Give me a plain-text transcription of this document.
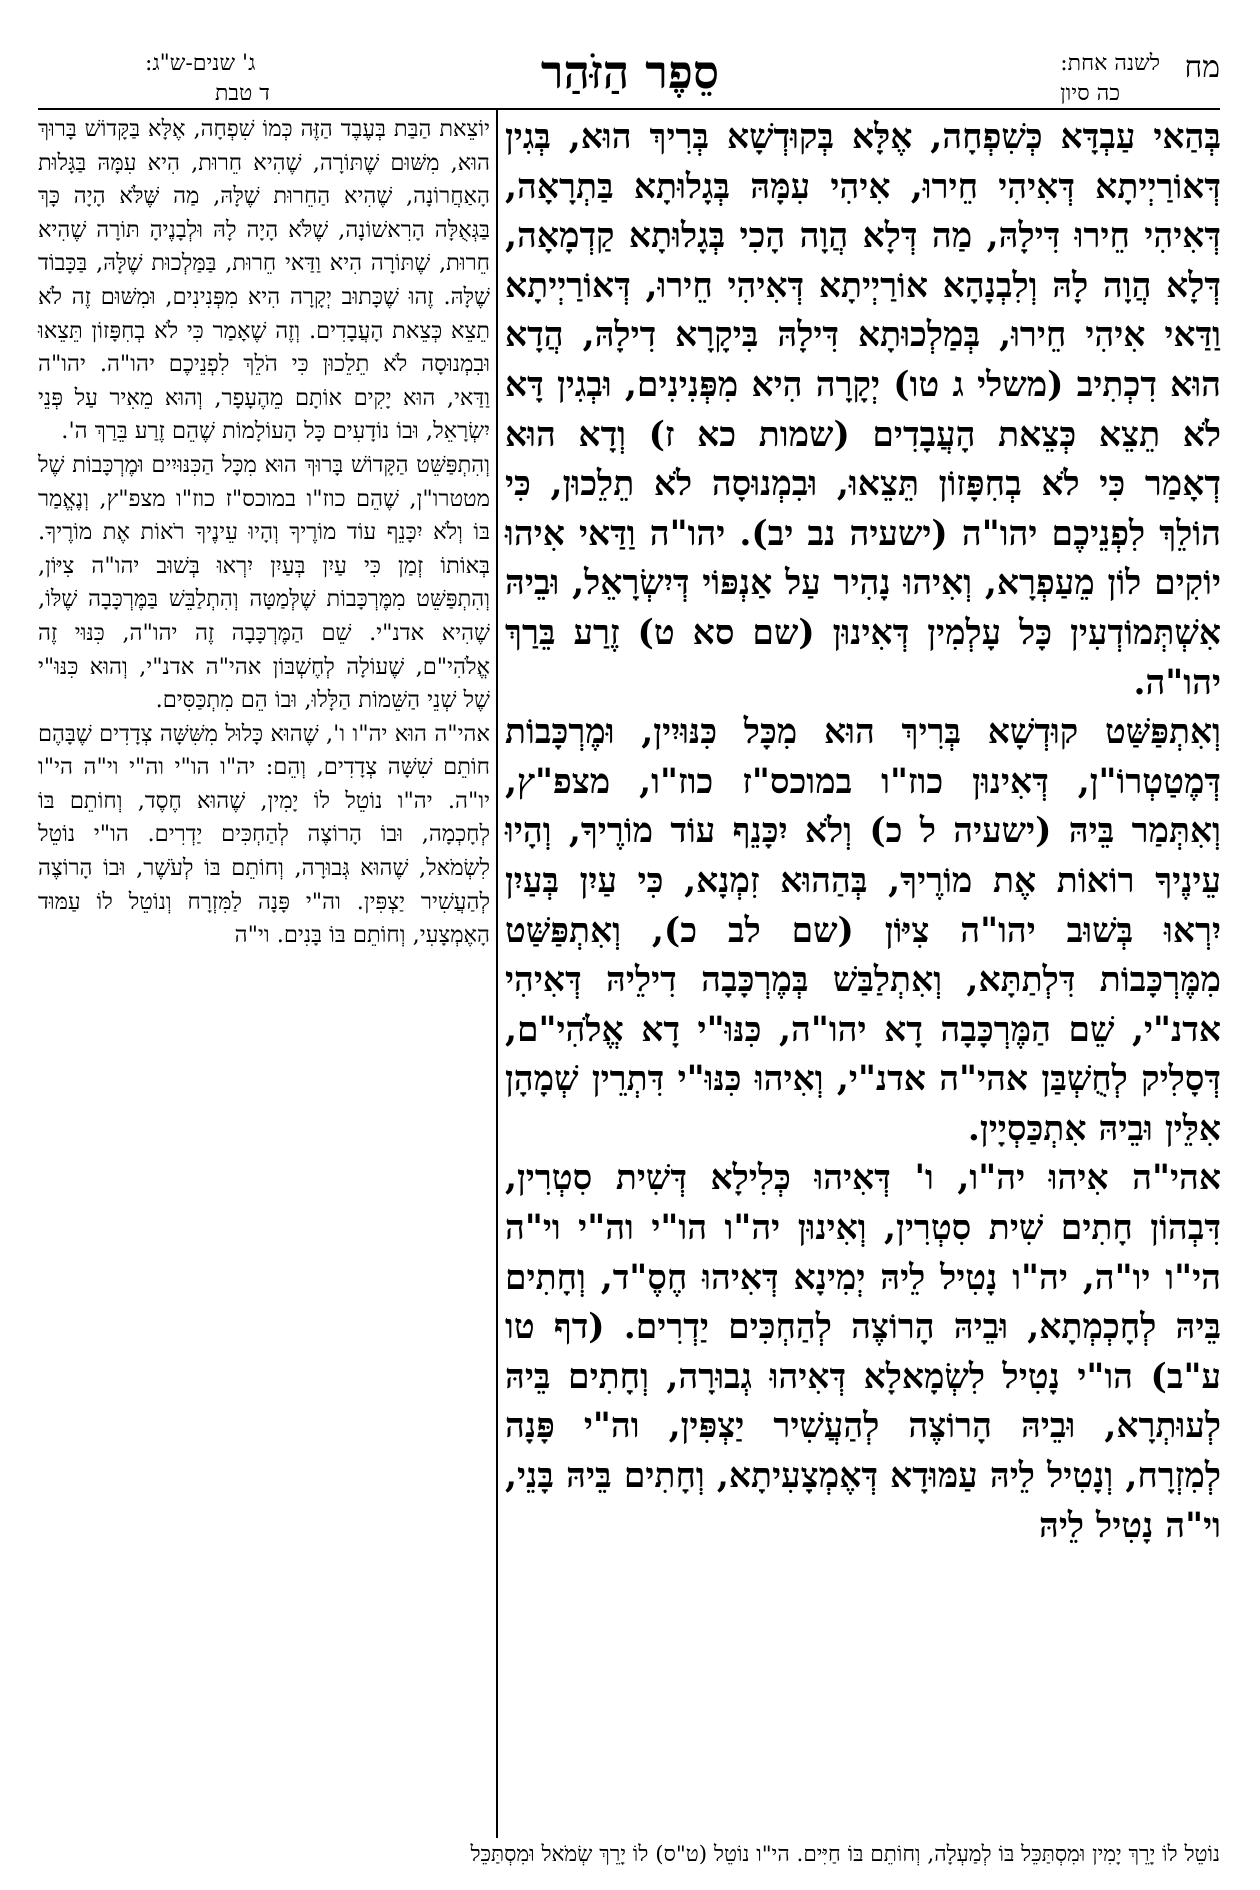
מח
לשנה אחת:
כה סיון
סֵפֶר הַזֹּהַר
ג' שנים-ש"ג:
ד טבת

בְּהַאי עַבְדָּא כְּשִׁפְחָה, אֶלָּא בְּקוּדְשָׁא בְּרִיךְ הוּא, בְּגִין דְּאוֹרַיְיתָא דְּאִיהִי חֵירוּ, אִיהִי עִמָּהּ בְּגָלוּתָא בַּתְרָאָה, דְּאִיהִי חֵירוּ דִּילָהּ, מַה דְּלָא הֲוָה הָכִי בְּגָלוּתָא קַדְמָאָה, דְּלָא הֲוָה לָהּ וְלִבְנָהָא אוֹרַיְיתָא דְּאִיהִי חֵירוּ, דְּאוֹרַיְיתָא וַדַּאי אִיהִי חֵירוּ, בְּמַלְכוּתָא דִּילָהּ בִּיקָרָא דִילָהּ, הֲדָא הוּא דִכְתִיב (משלי ג טו) יְקָרָה הִיא מִפְּנִינִים, וּבְגִין דָּא לֹא תֵצֵא כְּצֵאת הָעֲבָדִים (שמות כא ז) וְדָא הוּא דְאָמַר כִּי לֹא בְחִפָּזוֹן תֵּצֵאוּ, וּבִמְנוּסָה לֹא תֵלֵכוּן, כִּי הוֹלֵךְ לִפְנֵיכֶם יהו"ה (ישעיה נב יב). יהו"ה וַדַּאי אִיהוּ יוֹקִים לוֹן מֵעַפְרָא, וְאִיהוּ נָהִיר עַל אַנְפּוֹי דְּיִשְׂרָאֵל, וּבֵיהּ אִשְׁתְּמוֹדְעִין כָּל עָלְמִין דְּאִינוּן (שם סא ט) זֶרַע בֵּרַךְ יהו"ה.

וְאִתְפַּשַּׁט קוּדְשָׁא בְּרִיךְ הוּא מִכָּל כִּנּוּיִין, וּמֶרְכָּבוֹת דְּמֶטַטְרוֹ"ן, דְּאִינוּן כוז"ו במוכס"ז כוז"ו, מצפ"ץ, וְאִתְּמַר בֵּיהּ (ישעיה ל כ) וְלֹא יִכָּנֵף עוֹד מוֹרֶיךָ, וְהָיוּ עֵינֶיךָ רוֹאוֹת אֶת מוֹרֶיךָ, בְּהַהוּא זִמְנָא, כִּי עַיִן בְּעַיִן יִרְאוּ בְּשׁוּב יהו"ה צִיּוֹן (שם לב כ), וְאִתְפַּשַּׁט מִמֶּרְכָּבוֹת דִּלְתַתָּא, וְאִתְלַבַּשׁ בְּמֶרְכָּבָה דִילֵיהּ דְּאִיהִי אדנ"י, שֵׁם הַמֶּרְכָּבָה דָא יהו"ה, כִּנּוּ"י דָא אֱלֹהִי"ם, דְּסָלִיק לְחֻשְׁבַּן אהי"ה אדנ"י, וְאִיהוּ כִּנּוּ"י דִּתְרֵין שְׁמָהָן אִלֵּין וּבֵיהּ אִתְכַּסְיָין.

אהי"ה אִיהוּ יה"ו, ו' דְּאִיהוּ כְּלִילָא דְּשִׁית סִטְרִין, דִּבְהוֹן חָתִים שִׁית סִטְרִין, וְאִינוּן יה"ו הו"י וה"י וי"ה הי"ו יו"ה, יה"ו נָטִיל לֵיהּ יְמִינָא דְּאִיהוּ חֶסֶ"ד, וְחָתִים בֵּיהּ לְחָכְמְתָא, וּבֵיהּ הָרוֹצֶה לְהַחְכִּים יַדְרִים. (דף טו ע"ב) הו"י נָטִיל לִשְׂמָאלָא דְּאִיהוּ גְבוּרָה, וְחָתִים בֵּיהּ לְעוּתְרָא, וּבֵיהּ הָרוֹצֶה לְהַעֲשִׁיר יַצְפִּין, וה"י פָּנָה לְמִזְרָח, וְנָטִיל לֵיהּ עַמּוּדָא דְּאֶמְצָעִיתָא, וְחָתִים בֵּיהּ בָּנֵי, וי"ה נָטִיל לֵיהּ

יוֹצֵאת הַבַּת בְּעֶבֶד הַזֶּה כְּמוֹ שִׁפְחָה, אֶלָּא בַּקָּדוֹשׁ בָּרוּךְ הוּא, מִשּׁוּם שֶׁתּוֹרָה, שֶׁהִיא חֵרוּת, הִיא עִמָּהּ בַּגָּלוּת הָאַחֲרוֹנָה, שֶׁהִיא הַחֵרוּת שֶׁלָּהּ, מַה שֶּׁלֹּא הָיָה כָּךְ בַּגְּאֻלָּה הָרִאשׁוֹנָה, שֶׁלֹּא הָיָה לָהּ וּלְבָנֶיהָ תּוֹרָה שֶׁהִיא חֵרוּת, שֶׁתּוֹרָה הִיא וַדַּאי חֵרוּת, בַּמַּלְכוּת שֶׁלָּהּ, בַּכָּבוֹד שֶׁלָּהּ. זֶהוּ שֶׁכָּתוּב יְקָרָה הִיא מִפְּנִינִים, וּמִשּׁוּם זֶה לֹא תֵצֵא כְּצֵאת הָעֲבָדִים. וְזֶה שֶׁאָמַר כִּי לֹא בְחִפָּזוֹן תֵּצֵאוּ וּבִמְנוּסָה לֹא תֵלֵכוּן כִּי הֹלֵךְ לִפְנֵיכֶם יהו"ה. יהו"ה וַדַּאי, הוּא יָקִים אוֹתָם מֵהֶעָפָר, וְהוּא מֵאִיר עַל פְּנֵי יִשְׂרָאֵל, וּבוֹ נוֹדָעִים כָּל הָעוֹלָמוֹת שֶׁהֵם זֶרַע בֵּרַךְ ה'.

וְהִתְפַּשֵּׁט הַקָּדוֹשׁ בָּרוּךְ הוּא מִכָּל הַכִּנּוּיִים וּמֶרְכָּבוֹת שֶׁל מטטרו"ן, שֶׁהֵם כוז"ו במוכס"ז כוז"ו מצפ"ץ, וְנֶאֱמַר בּוֹ וְלֹא יִכָּנֵף עוֹד מוֹרֶיךָ וְהָיוּ עֵינֶיךָ רֹאוֹת אֶת מוֹרֶיךָ. בְּאוֹתוֹ זְמַן כִּי עַיִן בְּעַיִן יִרְאוּ בְּשׁוּב יהו"ה צִיּוֹן, וְהִתְפַּשֵּׁט מִמֶּרְכָּבוֹת שֶׁלְּמַטָּה וְהִתְלַבֵּשׁ בַּמֶּרְכָּבָה שֶׁלּוֹ, שֶׁהִיא אדנ"י. שֵׁם הַמֶּרְכָּבָה זֶה יהו"ה, כִּנּוּי זֶה אֱלֹהִי"ם, שֶׁעוֹלָה לְחֶשְׁבּוֹן אהי"ה אדנ"י, וְהוּא כִּנּוּ"י שֶׁל שְׁנֵי הַשֵּׁמוֹת הַלָּלוּ, וּבוֹ הֵם מִתְכַּסִּים.

אהי"ה הוּא יה"ו ו', שֶׁהוּא כָּלוּל מִשִּׁשָּׁה צְדָדִים שֶׁבָּהֶם חוֹתֵם שִׁשָּׁה צְדָדִים, וְהֵם: יה"ו הו"י וה"י וי"ה הי"ו יו"ה. יה"ו נוֹטֵל לוֹ יָמִין, שֶׁהוּא חֶסֶד, וְחוֹתֵם בּוֹ לְחָכְמָה, וּבוֹ הָרוֹצֶה לְהַחְכִּים יַדְרִים. הו"י נוֹטֵל לִשְׂמֹאל, שֶׁהוּא גְּבוּרָה, וְחוֹתֵם בּוֹ לְעֹשֶׁר, וּבוֹ הָרוֹצֶה לְהַעֲשִׁיר יַצְפִּין. וה"י פָּנָה לַמִּזְרָח וְנוֹטֵל לוֹ עַמּוּד הָאֶמְצָעִי, וְחוֹתֵם בּוֹ בָּנִים. וי"ה

נוֹטֵל לוֹ יָרֵךְ יָמִין וּמִסְתַּכֵּל בּוֹ לְמַעְלָה, וְחוֹתֵם בּוֹ חַיִּים. הי"ו נוֹטֵל (ט"ס) לוֹ יָרֵךְ שְׂמֹאל וּמִסְתַּכֵּל
